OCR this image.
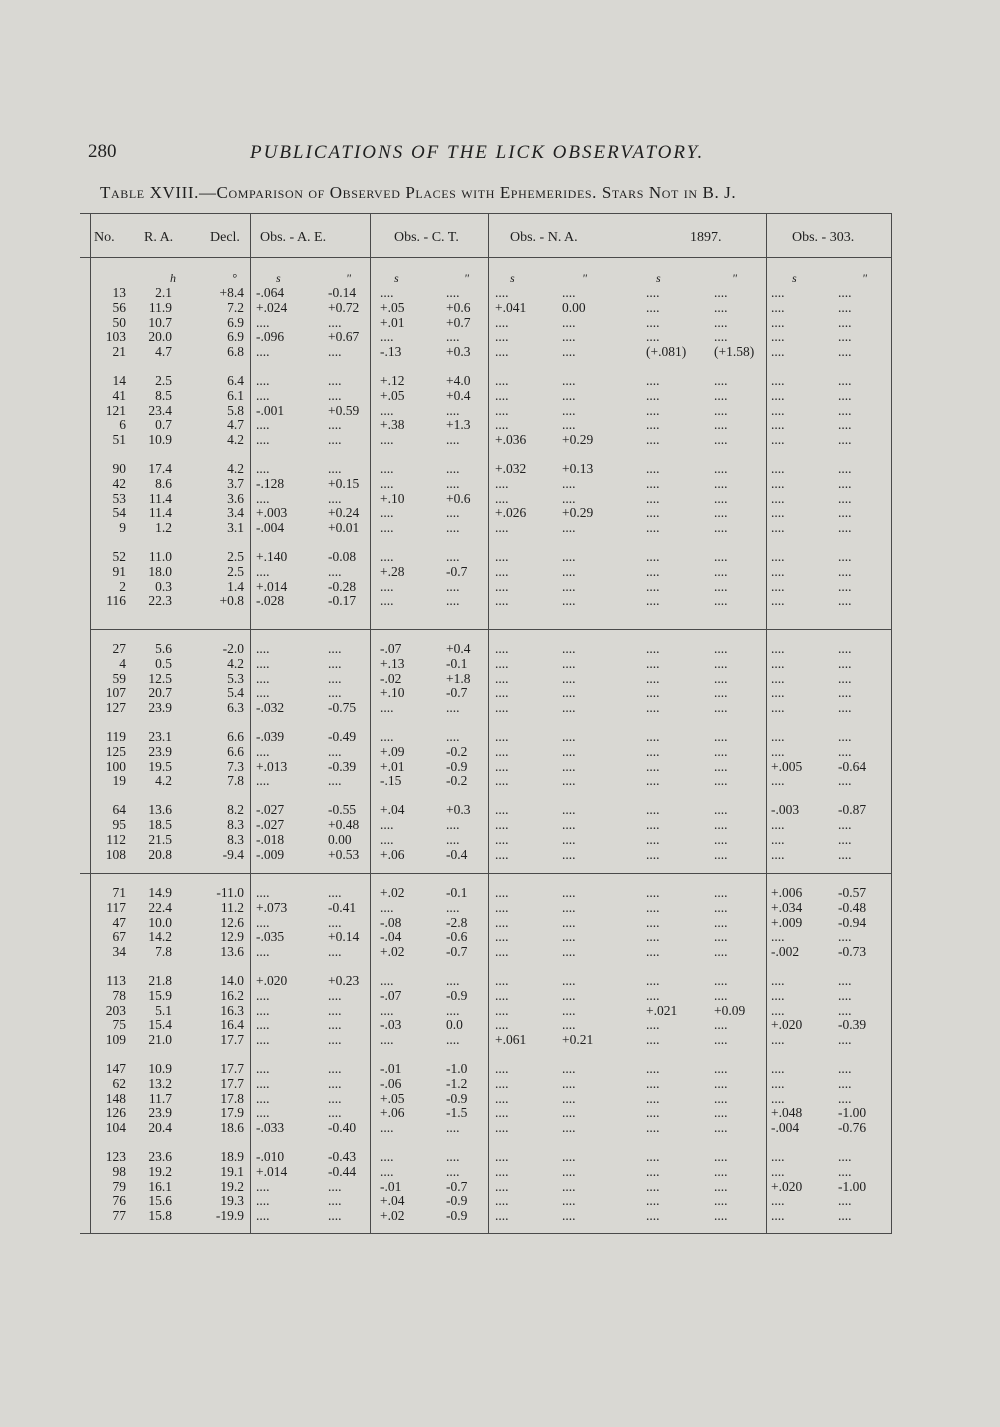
280	PUBLICATIONS OF THE LICK OBSERVATORY.
Table XVIII.—Comparison of Observed Places with Ephemerides. Stars Not in B. J.
No. R. A.	Decl. Obs. - A. E.	Obs. - C. T.	Obs. - N. A.	1897.	Obs. - 303.
h	°	s	"	s	"	s	"	s	"	s	"
13 2.1	+8.4 -.064	-0.14 ....	....	....	....	....	....	....	....
56 11.9	7.2 +.024	+0.72 +.05	+0.6 +.041	0.00	....	....	....	....
50 10.7	6.9 ....	....	+.01	+0.7 ....	....	....	....	....	....
103 20.0	6.9 -.096	+0.67 ....	....	....	....	....	....	....	....
21 4.7	6.8 ....	....	-.13	+0.3 ....	....	(+.081) (+1.58) ....	....
14 2.5	6.4 ....	....	+.12	+4.0 ....	....	....	....	....	....
41 8.5	6.1 ....	....	+.05	+0.4 ....	....	....	....	....	....
121 23.4	5.8 -.001	+0.59 ....	....	....	....	....	....	....	....
6 0.7	4.7 ....	....	+.38	+1.3 ....	....	....	....	....	....
51 10.9	4.2 ....	....	....	....	+.036	+0.29	....	....	....	....
90 17.4	4.2 ....	....	....	....	+.032	+0.13	....	....	....	....
42 8.6	3.7 -.128	+0.15 ....	....	....	....	....	....	....	....
53 11.4	3.6 ....	....	+.10	+0.6 ....	....	....	....	....	....
54 11.4	3.4 +.003	+0.24 ....	....	+.026	+0.29	....	....	....	....
9 1.2	3.1 -.004	+0.01 ....	....	....	....	....	....	....	....
52 11.0	2.5 +.140	-0.08 ....	....	....	....	....	....	....	....
91 18.0	2.5 ....	....	+.28	-0.7 ....	....	....	....	....	....
2 0.3	1.4 +.014	-0.28 ....	....	....	....	....	....	....	....
116 22.3	+0.8 -.028	-0.17 ....	....	....	....	....	....	....	....
27 5.6	-2.0 ....	....	-.07	+0.4 ....	....	....	....	....	....
4 0.5	4.2 ....	....	+.13	-0.1 ....	....	....	....	....	....
59 12.5	5.3 ....	....	-.02	+1.8 ....	....	....	....	....	....
107 20.7	5.4 ....	....	+.10	-0.7 ....	....	....	....	....	....
127 23.9	6.3 -.032	-0.75 ....	....	....	....	....	....	....	....
119 23.1	6.6 -.039	-0.49 ....	....	....	....	....	....	....	....
125 23.9	6.6 ....	....	+.09	-0.2 ....	....	....	....	....	....
100 19.5	7.3 +.013	-0.39 +.01	-0.9 ....	....	....	....	+.005	-0.64
19 4.2	7.8 ....	....	-.15	-0.2 ....	....	....	....	....	....
64 13.6	8.2 -.027	-0.55 +.04	+0.3 ....	....	....	....	-.003	-0.87
95 18.5	8.3 -.027	+0.48 ....	....	....	....	....	....	....	....
112 21.5	8.3 -.018	0.00 ....	....	....	....	....	....	....	....
108 20.8	-9.4 -.009	+0.53 +.06	-0.4 ....	....	....	....	....	....
71 14.9	-11.0 ....	....	+.02	-0.1 ....	....	....	....	+.006	-0.57
117 22.4	11.2 +.073	-0.41 ....	....	....	....	....	....	+.034	-0.48
47 10.0	12.6 ....	....	-.08	-2.8 ....	....	....	....	+.009	-0.94
67 14.2	12.9 -.035	+0.14 -.04	-0.6 ....	....	....	....	....	....
34 7.8	13.6 ....	....	+.02	-0.7 ....	....	....	....	-.002	-0.73
113 21.8	14.0 +.020	+0.23 ....	....	....	....	....	....	....	....
78 15.9	16.2 ....	....	-.07	-0.9 ....	....	....	....	....	....
203 5.1	16.3 ....	....	....	....	....	....	+.021	+0.09 ....	....
75 15.4	16.4 ....	....	-.03	0.0 ....	....	....	....	+.020	-0.39
109 21.0	17.7 ....	....	....	....	+.061	+0.21	....	....	....	....
147 10.9	17.7 ....	....	-.01	-1.0 ....	....	....	....	....	....
62 13.2	17.7 ....	....	-.06	-1.2 ....	....	....	....	....	....
148 11.7	17.8 ....	....	+.05	-0.9 ....	....	....	....	....	....
126 23.9	17.9 ....	....	+.06	-1.5 ....	....	....	....	+.048	-1.00
104 20.4	18.6 -.033	-0.40 ....	....	....	....	....	....	-.004	-0.76
123 23.6	18.9 -.010	-0.43 ....	....	....	....	....	....	....	....
98 19.2	19.1 +.014	-0.44 ....	....	....	....	....	....	....	....
79 16.1	19.2 ....	....	-.01	-0.7 ....	....	....	....	+.020	-1.00
76 15.6	19.3 ....	....	+.04	-0.9 ....	....	....	....	....	....
77 15.8	-19.9 ....	....	+.02	-0.9 ....	....	....	....	....	....
